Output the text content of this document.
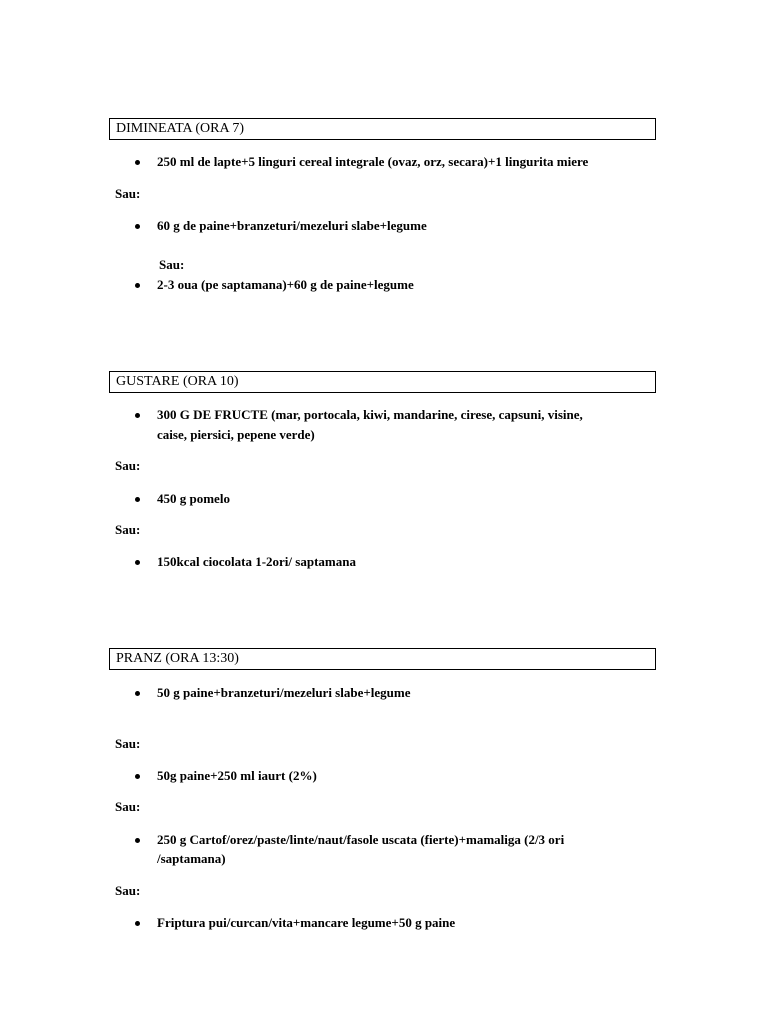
DIMINEATA (ORA 7)
250 ml de lapte+5 linguri cereal integrale (ovaz, orz, secara)+1 lingurita miere
Sau:
60 g de paine+branzeturi/mezeluri slabe+legume
Sau:
2-3 oua (pe saptamana)+60 g de paine+legume
GUSTARE (ORA 10)
300 G DE FRUCTE (mar, portocala, kiwi, mandarine, cirese, capsuni, visine,
caise, piersici, pepene verde)
Sau:
450 g pomelo
Sau:
150kcal ciocolata 1-2ori/ saptamana
PRANZ (ORA 13:30)
50 g paine+branzeturi/mezeluri slabe+legume
Sau:
50g paine+250 ml iaurt (2%)
Sau:
250 g Cartof/orez/paste/linte/naut/fasole uscata (fierte)+mamaliga (2/3 ori
/saptamana)
Sau:
Friptura pui/curcan/vita+mancare legume+50 g paine
